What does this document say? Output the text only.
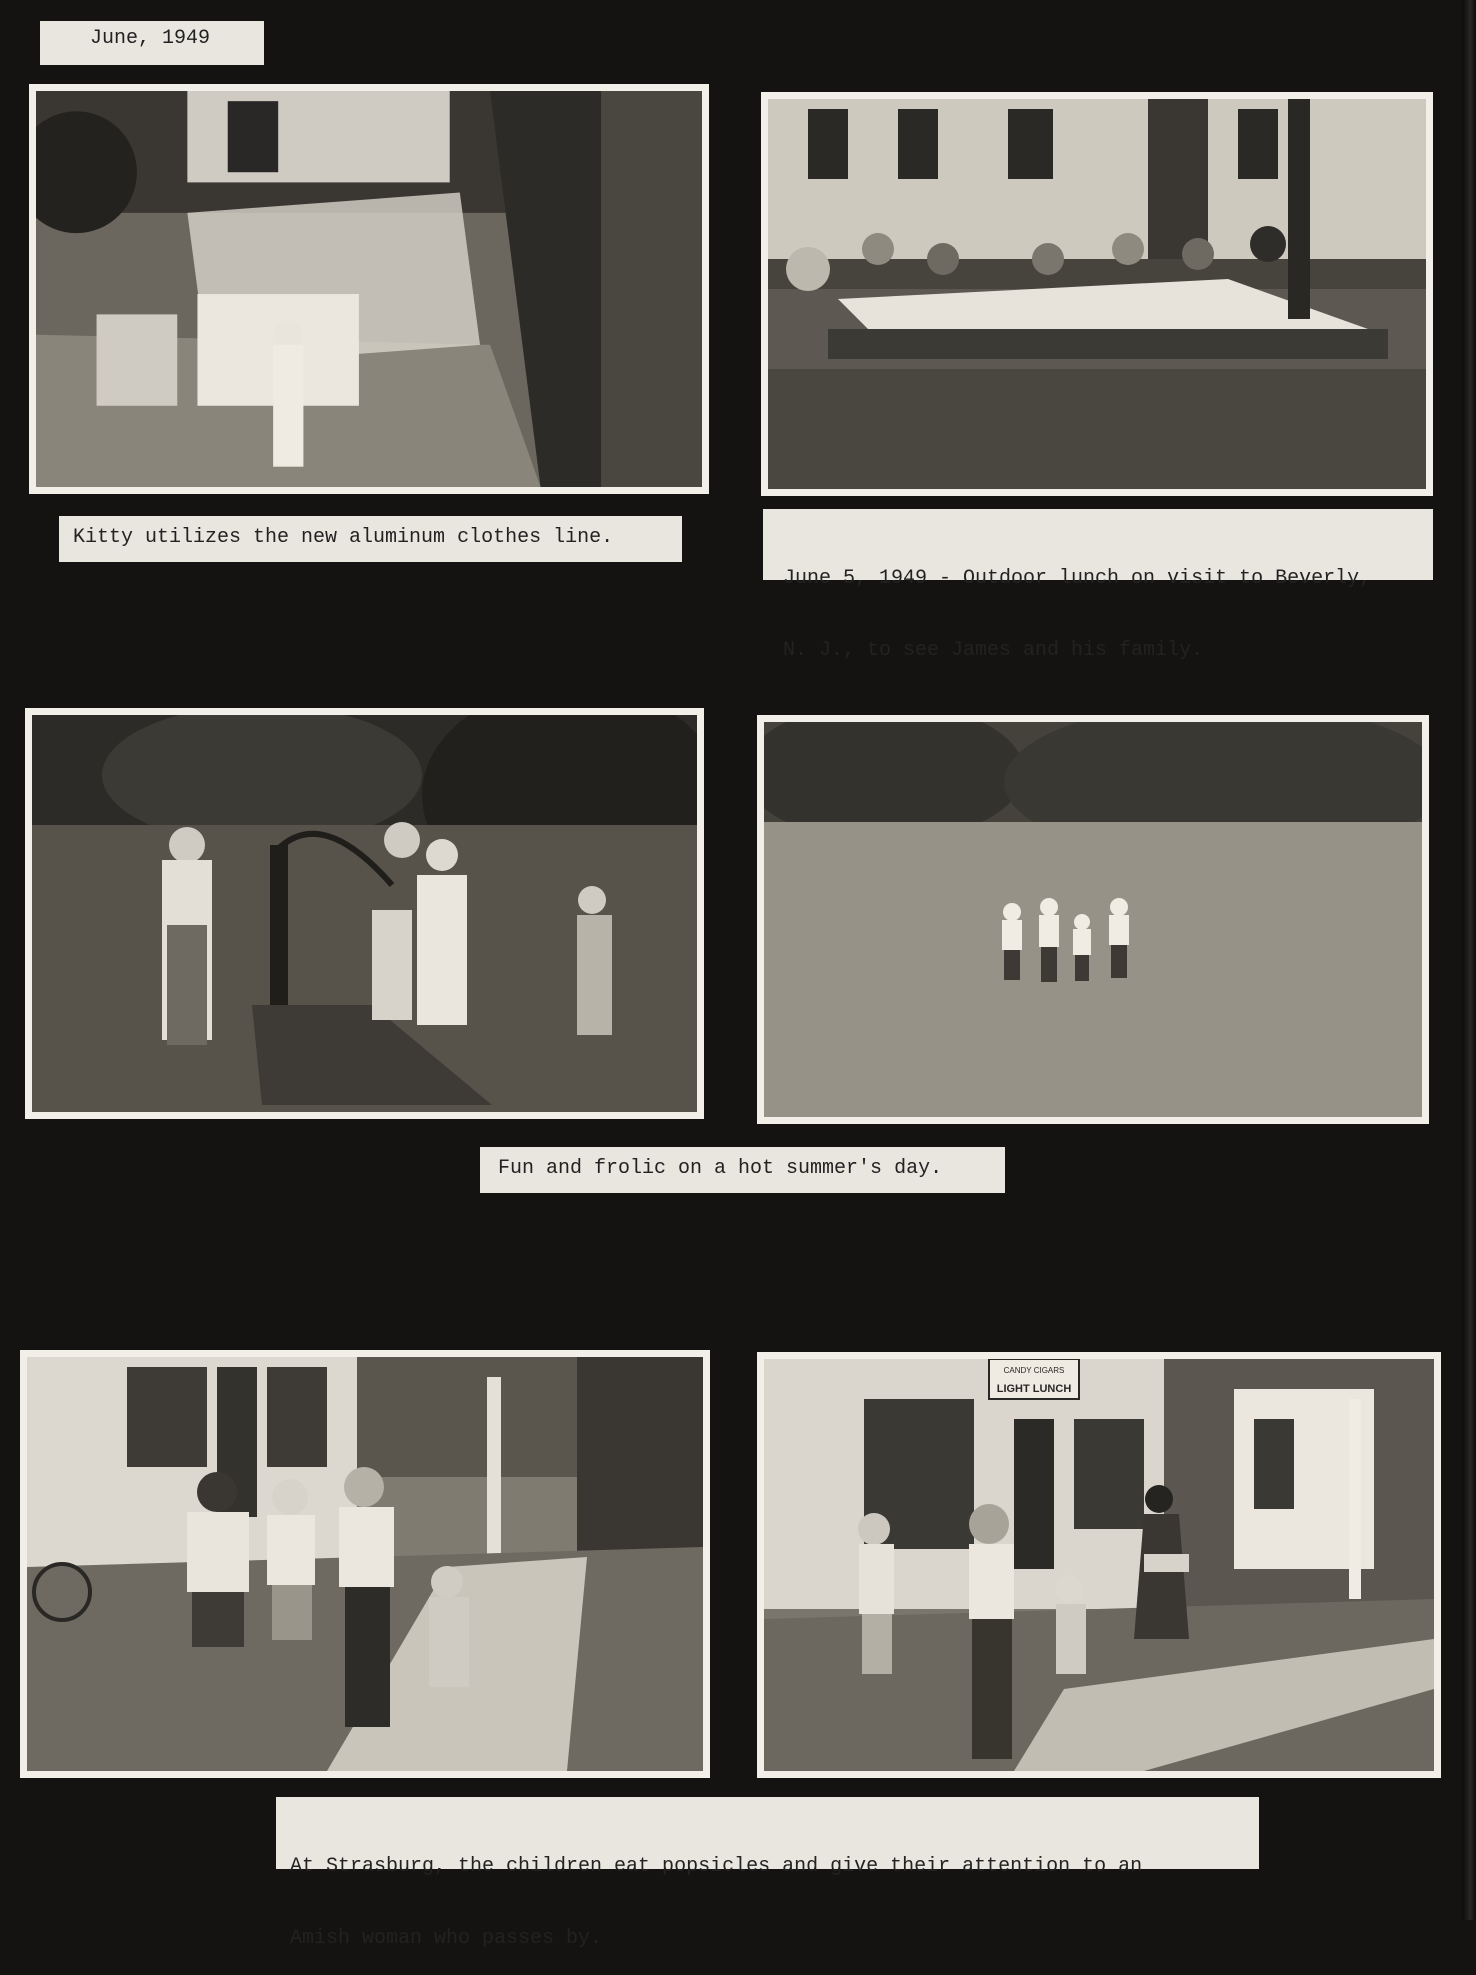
June, 1949
Kitty utilizes the new aluminum clothes line.

June 5, 1949 - Outdoor lunch on visit to Beverly,

N. J., to see James and his family.

Fun and frolic on a hot summer's day.
CANDY CIGARS
LIGHT LUNCH

At Strasburg, the children eat popsicles and give their attention to an

Amish woman who passes by.
